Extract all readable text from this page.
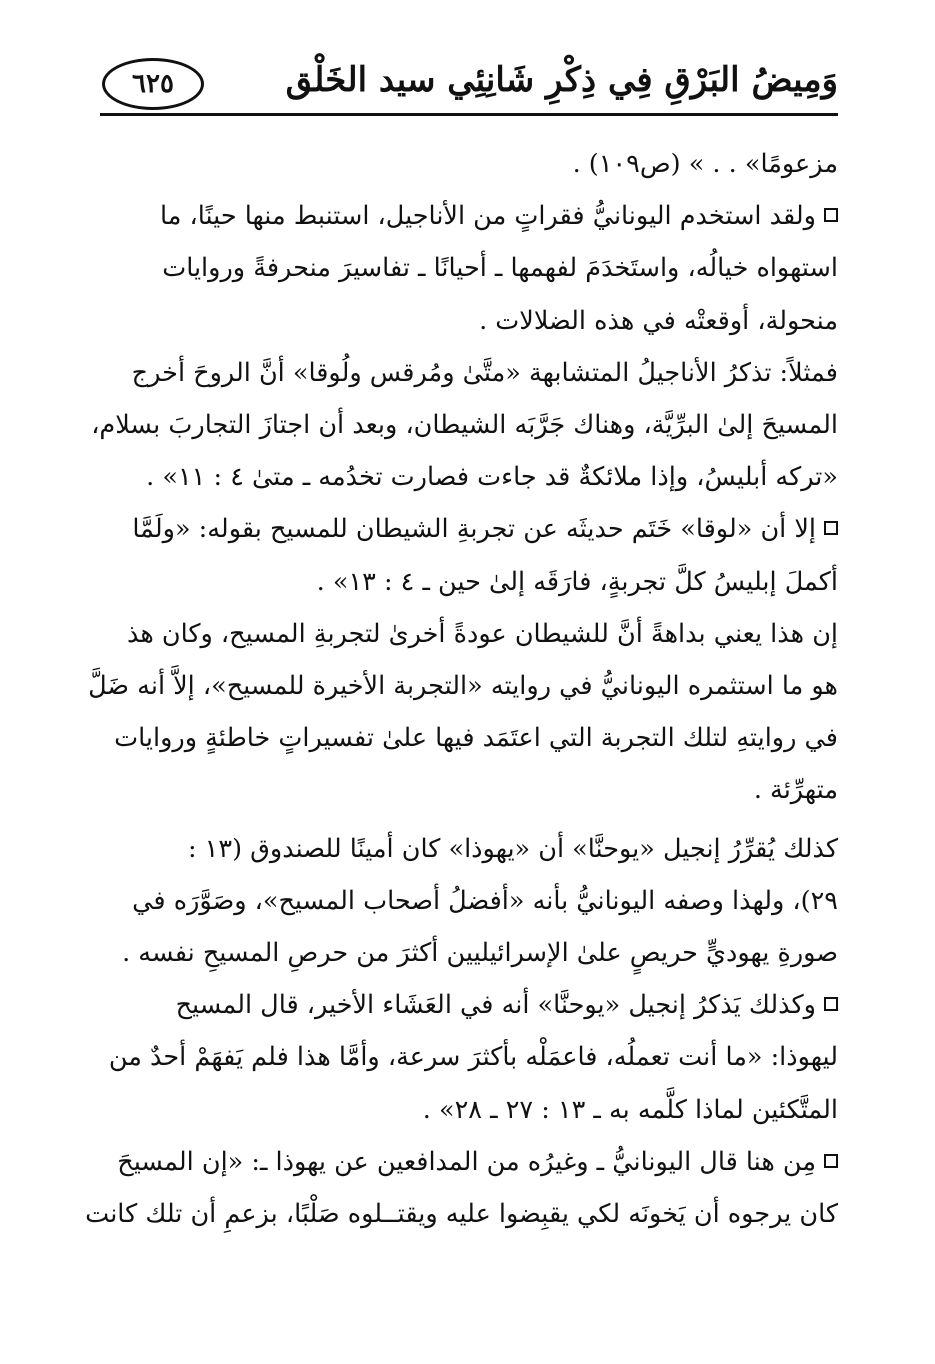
وَمِيضُ البَرْقِ فِي ذِكْرِ شَانِئِي سيد الخَلْق
٦٢٥

مزعومًا» . . » (ص١٠٩) .

ولقد استخدم اليونانيُّ فقراتٍ من الأناجيل، استنبط منها حينًا، ما
استهواه خيالُه، واستَخدَمَ لفهمها ـ أحيانًا ـ تفاسيرَ منحرفةً وروايات
منحولة، أوقعتْه في هذه الضلالات .

فمثلاً: تذكرُ الأناجيلُ المتشابهة «متَّىٰ ومُرقس ولُوقا» أنَّ الروحَ أخرج
المسيحَ إلىٰ البرِّيَّة، وهناك جَرَّبَه الشيطان، وبعد أن اجتازَ التجاربَ بسلام،
«تركه أبليسُ، وإذا ملائكةٌ قد جاءت فصارت تخدُمه ـ متىٰ ٤ : ١١» .

إلا أن «لوقا» خَتَم حديثَه عن تجربةِ الشيطان للمسيح بقوله: «ولَمَّا
أكملَ إبليسُ كلَّ تجربةٍ، فارَقَه إلىٰ حين ـ ٤ : ١٣» .

إن هذا يعني بداهةً أنَّ للشيطان عودةً أخرىٰ لتجربةِ المسيح، وكان هذ
هو ما استثمره اليونانيُّ في روايته «التجربة الأخيرة للمسيح»، إلاَّ أنه ضَلَّ
في روايتهِ لتلك التجربة التي اعتَمَد فيها علىٰ تفسيراتٍ خاطئةٍ وروايات
متهرِّئة .

كذلك يُقرِّرُ إنجيل «يوحنَّا» أن «يهوذا» كان أمينًا للصندوق (١٣ :
٢٩)، ولهذا وصفه اليونانيُّ بأنه «أفضلُ أصحاب المسيح»، وصَوَّرَه في
صورةِ يهوديٍّ حريصٍ علىٰ الإسرائيليين أكثرَ من حرصِ المسيحِ نفسه .

وكذلك يَذكرُ إنجيل «يوحنَّا» أنه في العَشَاء الأخير، قال المسيح
ليهوذا: «ما أنت تعملُه، فاعمَلْه بأكثرَ سرعة، وأمَّا هذا فلم يَفهَمْ أحدٌ من
المتَّكئين لماذا كلَّمه به ـ ١٣ : ٢٧ ـ ٢٨» .

مِن هنا قال اليونانيُّ ـ وغيرُه من المدافعين عن يهوذا ـ: «إن المسيحَ
كان يرجوه أن يَخونَه لكي يقبِضوا عليه ويقتــلوه صَلْبًا، بزعمِ أن تلك كانت
